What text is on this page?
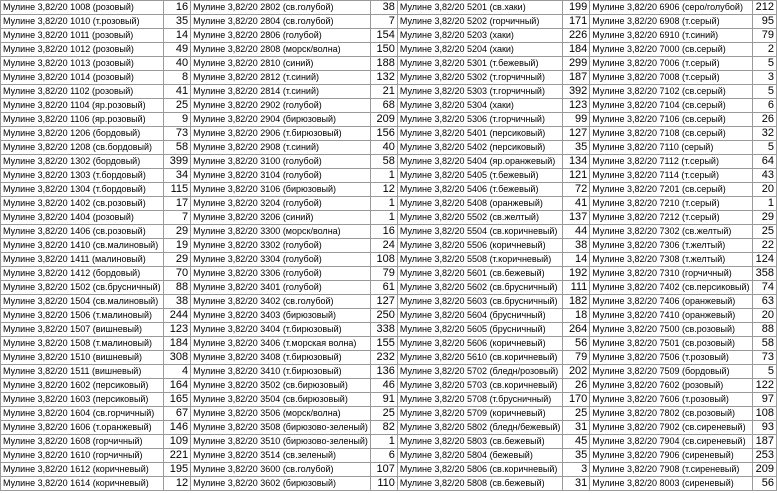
Мулине 3,82/20 1008 (розовый)	16	Мулине 3,82/20 2802 (св.голубой)	38	Мулине 3,82/20 5201 (св.хаки)	199	Мулине 3,82/20 6906 (серо/голубой)	212
Мулине 3,82/20 1010 (т.розовый)	35	Мулине 3,82/20 2804 (св.голубой)	7	Мулине 3,82/20 5202 (горчичный)	171	Мулине 3,82/20 6908 (т.серый)	95
Мулине 3,82/20 1011 (розовый)	14	Мулине 3,82/20 2806 (голубой)	154	Мулине 3,82/20 5203 (хаки)	226	Мулине 3,82/20 6910 (т.синий)	79
Мулине 3,82/20 1012 (розовый)	49	Мулине 3,82/20 2808 (морск/волна)	150	Мулине 3,82/20 5204 (хаки)	184	Мулине 3,82/20 7000 (св.серый)	2
Мулине 3,82/20 1013 (розовый)	40	Мулине 3,82/20 2810 (синий)	188	Мулине 3,82/20 5301 (т.бежевый)	299	Мулине 3,82/20 7006 (т.серый)	5
Мулине 3,82/20 1014 (розовый)	8	Мулине 3,82/20 2812 (т.синий)	132	Мулине 3,82/20 5302 (т.горчичный)	187	Мулине 3,82/20 7008 (т.серый)	3
Мулине 3,82/20 1102 (розовый)	41	Мулине 3,82/20 2814 (т.синий)	21	Мулине 3,82/20 5303 (т.горчичный)	392	Мулине 3,82/20 7102 (св.серый)	5
Мулине 3,82/20 1104 (яр.розовый)	25	Мулине 3,82/20 2902 (голубой)	68	Мулине 3,82/20 5304 (хаки)	123	Мулине 3,82/20 7104 (св.серый)	6
Мулине 3,82/20 1106 (яр.розовый)	9	Мулине 3,82/20 2904 (бирюзовый)	209	Мулине 3,82/20 5306 (т.горчичный)	99	Мулине 3,82/20 7106 (св.серый)	26
Мулине 3,82/20 1206 (бордовый)	73	Мулине 3,82/20 2906 (т.бирюзовый)	156	Мулине 3,82/20 5401 (персиковый)	127	Мулине 3,82/20 7108 (св.серый)	32
Мулине 3,82/20 1208 (св.бордовый)	58	Мулине 3,82/20 2908 (т.синий)	40	Мулине 3,82/20 5402 (персиковый)	35	Мулине 3,82/20 7110 (серый)	5
Мулине 3,82/20 1302 (бордовый)	399	Мулине 3,82/20 3100 (голубой)	58	Мулине 3,82/20 5404 (яр.оранжевый)	134	Мулине 3,82/20 7112 (т.серый)	64
Мулине 3,82/20 1303 (т.бордовый)	34	Мулине 3,82/20 3104 (голубой)	1	Мулине 3,82/20 5405 (т.бежевый)	121	Мулине 3,82/20 7114 (т.серый)	43
Мулине 3,82/20 1304 (т.бордовый)	115	Мулине 3,82/20 3106 (бирюзовый)	12	Мулине 3,82/20 5406 (т.бежевый)	72	Мулине 3,82/20 7201 (св.серый)	20
Мулине 3,82/20 1402 (св.розовый)	17	Мулине 3,82/20 3204 (голубой)	1	Мулине 3,82/20 5408 (оранжевый)	41	Мулине 3,82/20 7210 (т.серый)	1
Мулине 3,82/20 1404 (розовый)	7	Мулине 3,82/20 3206 (синий)	1	Мулине 3,82/20 5502 (св.желтый)	137	Мулине 3,82/20 7212 (т.серый)	29
Мулине 3,82/20 1406 (св.розовый)	29	Мулине 3,82/20 3300 (морск/волна)	16	Мулине 3,82/20 5504 (св.коричневый)	44	Мулине 3,82/20 7302 (св.желтый)	25
Мулине 3,82/20 1410 (св.малиновый)	19	Мулине 3,82/20 3302 (голубой)	24	Мулине 3,82/20 5506 (коричневый)	38	Мулине 3,82/20 7306 (т.желтый)	22
Мулине 3,82/20 1411 (малиновый)	29	Мулине 3,82/20 3304 (голубой)	108	Мулине 3,82/20 5508 (т.коричневый)	14	Мулине 3,82/20 7308 (т.желтый)	124
Мулине 3,82/20 1412 (бордовый)	70	Мулине 3,82/20 3306 (голубой)	79	Мулине 3,82/20 5601 (св.бежевый)	192	Мулине 3,82/20 7310 (горчичный)	358
Мулине 3,82/20 1502 (св.брусничный)	88	Мулине 3,82/20 3401 (голубой)	61	Мулине 3,82/20 5602 (св.брусничный)	111	Мулине 3,82/20 7402 (св.персиковый)	74
Мулине 3,82/20 1504 (св.малиновый)	38	Мулине 3,82/20 3402 (св.голубой)	127	Мулине 3,82/20 5603 (св.брусничный)	182	Мулине 3,82/20 7406 (оранжевый)	63
Мулине 3,82/20 1506 (т.малиновый)	244	Мулине 3,82/20 3403 (бирюзовый)	250	Мулине 3,82/20 5604 (брусничный)	18	Мулине 3,82/20 7410 (оранжевый)	20
Мулине 3,82/20 1507 (вишневый)	123	Мулине 3,82/20 3404 (т.бирюзовый)	338	Мулине 3,82/20 5605 (брусничный)	264	Мулине 3,82/20 7500 (св.розовый)	88
Мулине 3,82/20 1508 (т.малиновый)	184	Мулине 3,82/20 3406 (т.морская волна)	155	Мулине 3,82/20 5606 (коричневый)	56	Мулине 3,82/20 7501 (св.розовый)	58
Мулине 3,82/20 1510 (вишневый)	308	Мулине 3,82/20 3408 (т.бирюзовый)	232	Мулине 3,82/20 5610 (св.коричневый)	79	Мулине 3,82/20 7506 (т.розовый)	73
Мулине 3,82/20 1511 (вишневый)	4	Мулине 3,82/20 3410 (т.бирюзовый)	136	Мулине 3,82/20 5702 (бледн/розовый)	202	Мулине 3,82/20 7509 (бордовый)	5
Мулине 3,82/20 1602 (персиковый)	164	Мулине 3,82/20 3502 (св.бирюзовый)	46	Мулине 3,82/20 5703 (св.коричневый)	26	Мулине 3,82/20 7602 (розовый)	122
Мулине 3,82/20 1603 (персиковый)	165	Мулине 3,82/20 3504 (св.бирюзовый)	91	Мулине 3,82/20 5708 (т.брусничный)	170	Мулине 3,82/20 7606 (т.розовый)	97
Мулине 3,82/20 1604 (св.горчичный)	67	Мулине 3,82/20 3506 (морск/волна)	25	Мулине 3,82/20 5709 (коричневый)	25	Мулине 3,82/20 7802 (св.розовый)	108
Мулине 3,82/20 1606 (т.оранжевый)	146	Мулине 3,82/20 3508 (бирюзово-зеленый)	82	Мулине 3,82/20 5802 (бледн/бежевый)	31	Мулине 3,82/20 7902 (св.сиреневый)	93
Мулине 3,82/20 1608 (горчичный)	109	Мулине 3,82/20 3510 (бирюзово-зеленый)	1	Мулине 3,82/20 5803 (св.бежевый)	45	Мулине 3,82/20 7904 (св.сиреневый)	187
Мулине 3,82/20 1610 (горчичный)	221	Мулине 3,82/20 3514 (св.зеленый)	6	Мулине 3,82/20 5804 (бежевый)	35	Мулине 3,82/20 7906 (сиреневый)	253
Мулине 3,82/20 1612 (коричневый)	195	Мулине 3,82/20 3600 (св.голубой)	107	Мулине 3,82/20 5806 (св.коричневый)	3	Мулине 3,82/20 7908 (т.сиреневый)	209
Мулине 3,82/20 1614 (коричневый)	12	Мулине 3,82/20 3602 (бирюзовый)	110	Мулине 3,82/20 5808 (св.бежевый)	31	Мулине 3,82/20 8003 (сиреневый)	56
